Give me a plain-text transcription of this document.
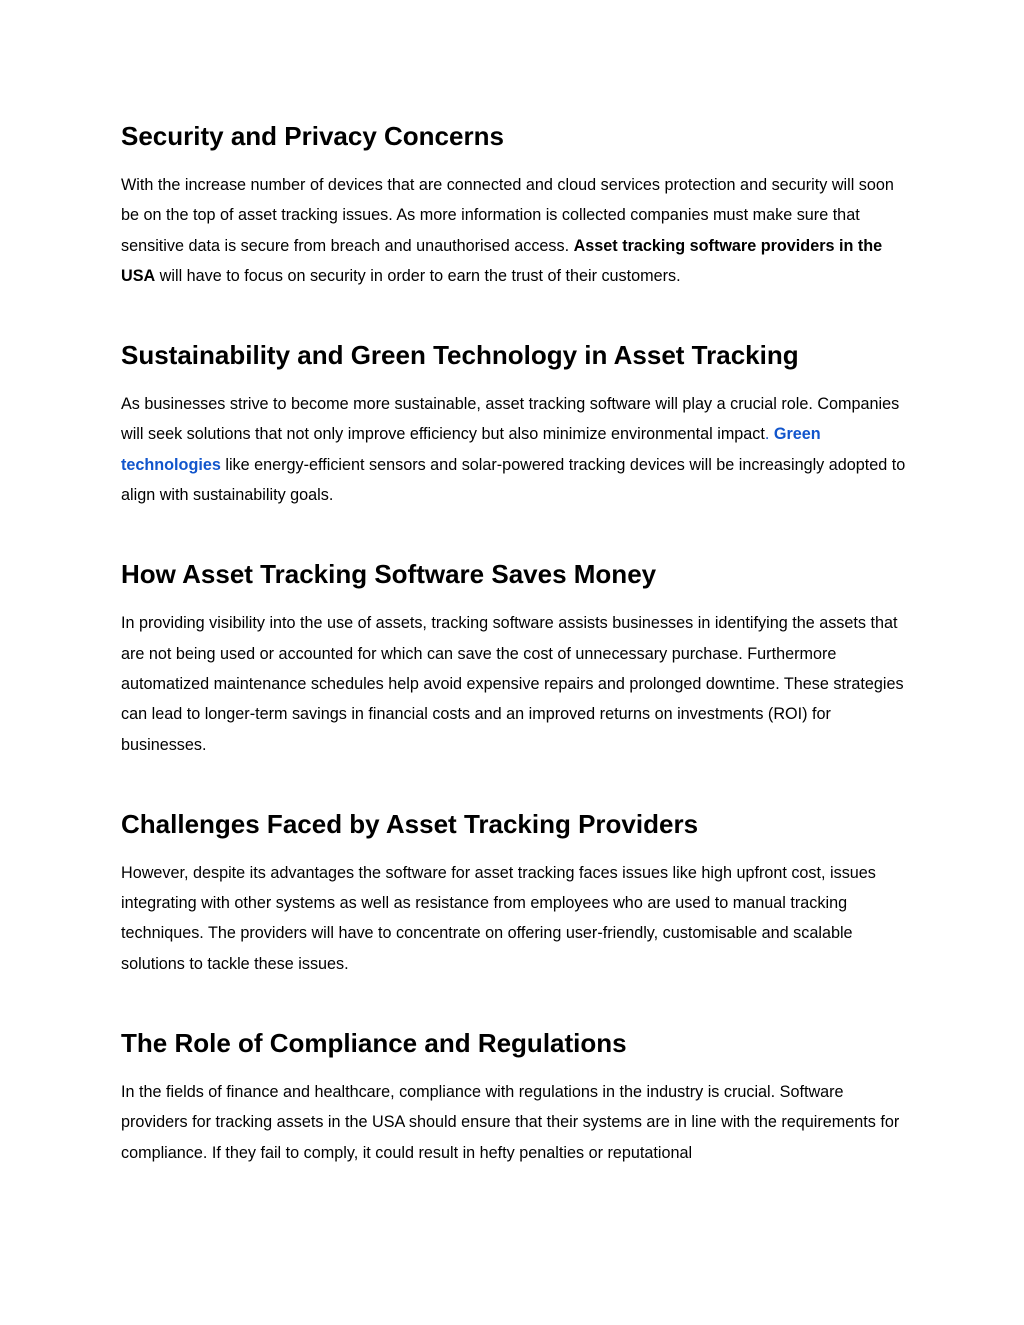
Security and Privacy Concerns

With the increase number of devices that are connected and cloud services protection and security will soon be on the top of asset tracking issues. As more information is collected companies must make sure that sensitive data is secure from breach and unauthorised access. Asset tracking software providers in the USA will have to focus on security in order to earn the trust of their customers.

Sustainability and Green Technology in Asset Tracking

As businesses strive to become more sustainable, asset tracking software will play a crucial role. Companies will seek solutions that not only improve efficiency but also minimize environmental impact. Green technologies like energy-efficient sensors and solar-powered tracking devices will be increasingly adopted to align with sustainability goals.

How Asset Tracking Software Saves Money

In providing visibility into the use of assets, tracking software assists businesses in identifying the assets that are not being used or accounted for which can save the cost of unnecessary purchase. Furthermore automatized maintenance schedules help avoid expensive repairs and prolonged downtime. These strategies can lead to longer-term savings in financial costs and an improved returns on investments (ROI) for businesses.

Challenges Faced by Asset Tracking Providers

However, despite its advantages the software for asset tracking faces issues like high upfront cost, issues integrating with other systems as well as resistance from employees who are used to manual tracking techniques. The providers will have to concentrate on offering user-friendly, customisable and scalable solutions to tackle these issues.

The Role of Compliance and Regulations

In the fields of finance and healthcare, compliance with regulations in the industry is crucial. Software providers for tracking assets in the USA should ensure that their systems are in line with the requirements for compliance. If they fail to comply, it could result in hefty penalties or reputational
